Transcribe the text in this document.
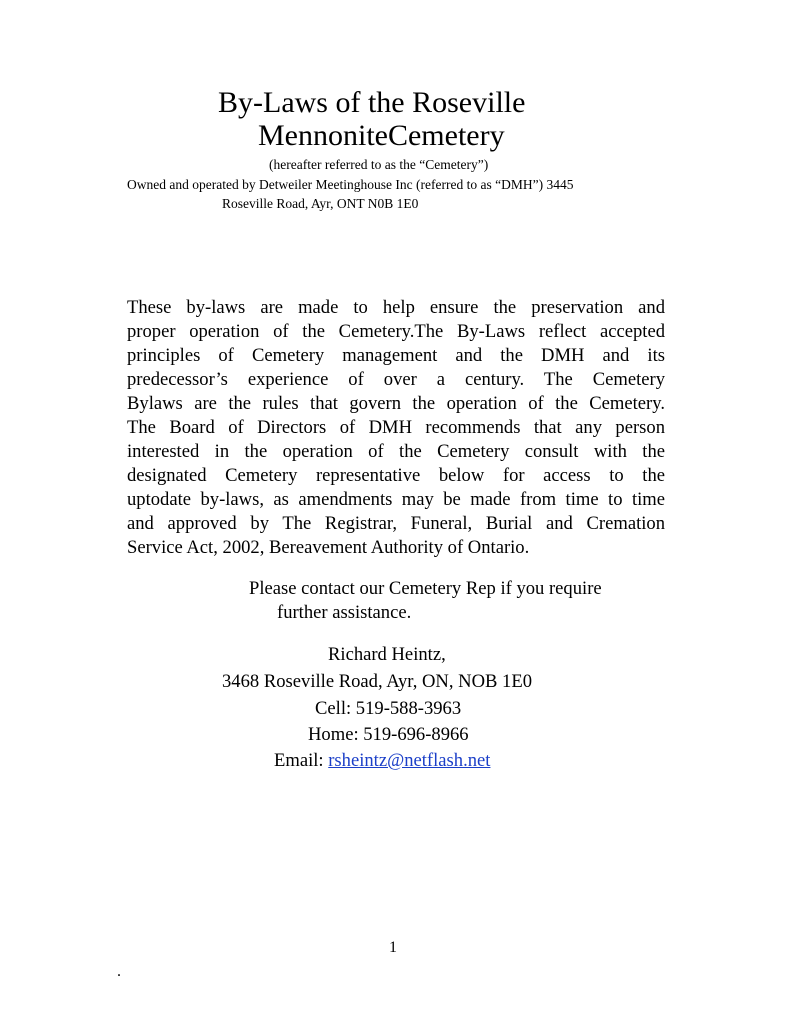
By-Laws of the Roseville
MennoniteCemetery
(hereafter referred to as the “Cemetery”)
Owned and operated by Detweiler Meetinghouse Inc (referred to as “DMH”) 3445
Roseville Road, Ayr, ONT N0B 1E0
These by-laws are made to help ensure the preservation and
proper operation of the Cemetery.The By-Laws reflect accepted
principles of Cemetery management and the DMH and its
predecessor’s experience of over a century. The Cemetery
Bylaws are the rules that govern the operation of the Cemetery.
The Board of Directors of DMH recommends that any person
interested in the operation of the Cemetery consult with the
designated Cemetery representative below for access to the
uptodate by-laws, as amendments may be made from time to time
and approved by The Registrar, Funeral, Burial and Cremation
Service Act, 2002, Bereavement Authority of Ontario.
Please contact our Cemetery Rep if you require
further assistance.
Richard Heintz,
3468 Roseville Road, Ayr, ON, NOB 1E0
Cell: 519-588-3963
Home: 519-696-8966
Email: rsheintz@netflash.net
1
.
